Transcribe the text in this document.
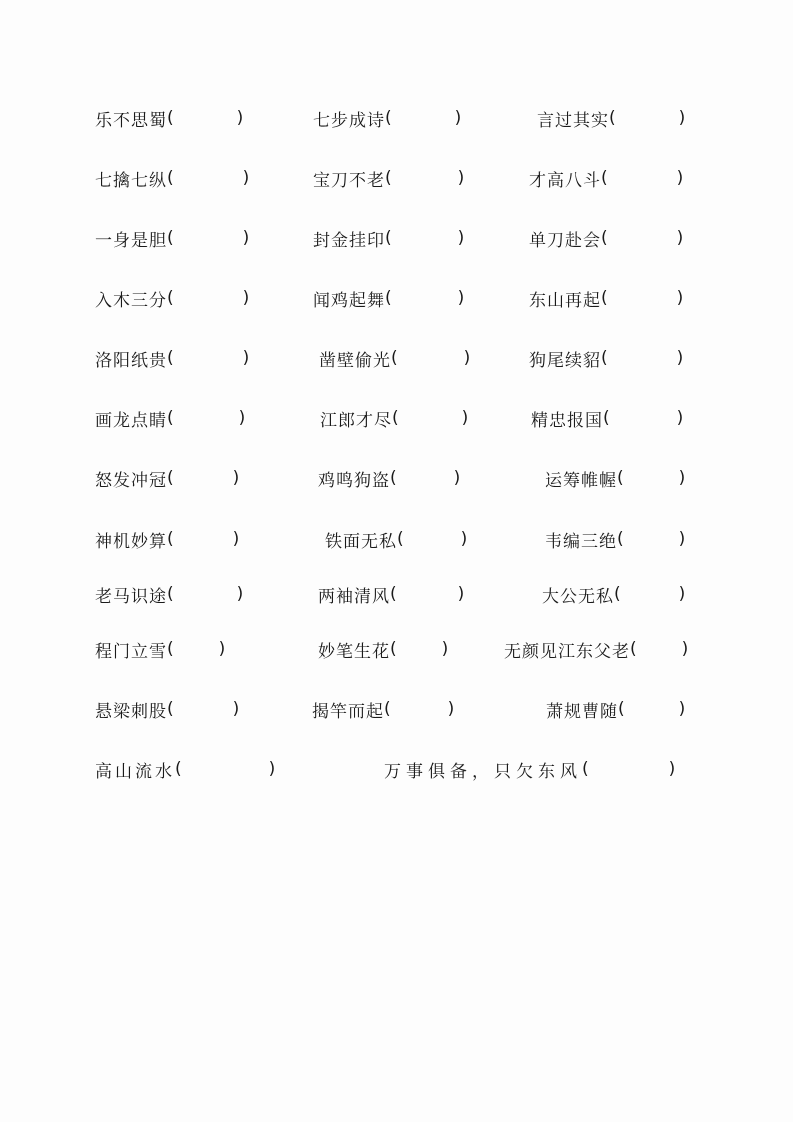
乐不思蜀 (	)	七步成诗 (	)	言过其实 (	)
七擒七纵 (	)	宝刀不老 (	)	才高八斗 (	)
一身是胆 (	)	封金挂印 (	)	单刀赴会 (	)
入木三分 (	)	闻鸡起舞 (	)	东山再起 (	)
洛阳纸贵 (	)	凿壁偷光 (	)	狗尾续貂 (	)
画龙点睛 (	)	江郎才尽 (	)	精忠报国 (	)
怒发冲冠 (	)	鸡鸣狗盗 (	)	运筹帷幄 (	)
神机妙算 (	)	铁面无私 (	)	韦编三绝 (	)
老马识途 (	)	两袖清风 (	)	大公无私 (	)
程门立雪 (	)	妙笔生花 (	)	无颜见江东父老 (	)
悬梁刺股 (	)	揭竿而起 (	)	萧规曹随 (	)
高山流水 (	)	万事俱备，只欠东风 (	)
